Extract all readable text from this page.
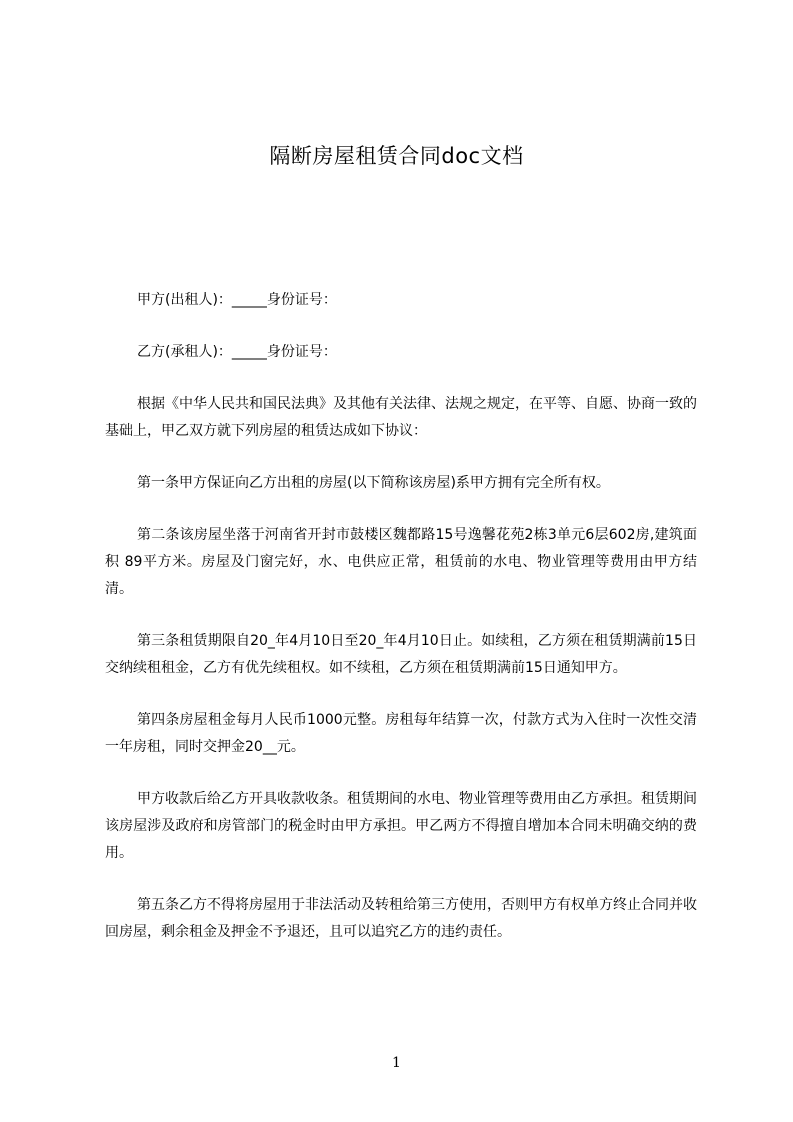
隔断房屋租赁合同doc文档

甲方(出租人)：_____身份证号：

乙方(承租人)：_____身份证号：

根据《中华人民共和国民法典》及其他有关法律、法规之规定，在平等、自愿、协商一致的基础上，甲乙双方就下列房屋的租赁达成如下协议：

第一条甲方保证向乙方出租的房屋(以下简称该房屋)系甲方拥有完全所有权。

第二条该房屋坐落于河南省开封市鼓楼区魏都路15号逸馨花苑2栋3单元6层602房,建筑面积 89平方米。房屋及门窗完好，水、电供应正常，租赁前的水电、物业管理等费用由甲方结清。

第三条租赁期限自20_年4月10日至20_年4月10日止。如续租，乙方须在租赁期满前15日交纳续租租金，乙方有优先续租权。如不续租，乙方须在租赁期满前15日通知甲方。

第四条房屋租金每月人民币1000元整。房租每年结算一次，付款方式为入住时一次性交清一年房租，同时交押金20__元。

甲方收款后给乙方开具收款收条。租赁期间的水电、物业管理等费用由乙方承担。租赁期间该房屋涉及政府和房管部门的税金时由甲方承担。甲乙两方不得擅自增加本合同未明确交纳的费用。

第五条乙方不得将房屋用于非法活动及转租给第三方使用，否则甲方有权单方终止合同并收回房屋，剩余租金及押金不予退还，且可以追究乙方的违约责任。

1
